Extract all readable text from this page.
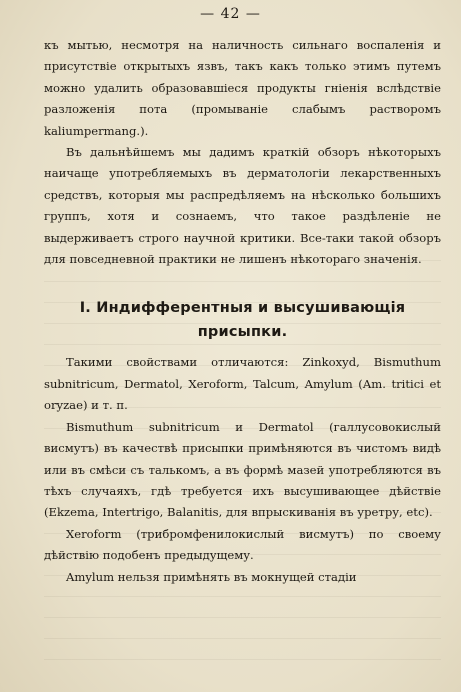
— 42 —

къ мытью, несмотря на наличность сильнаго воспаленія и присутствіе открытыхъ язвъ, такъ какъ только этимъ путемъ можно удалить образовавшіеся продукты гніенія вслѣдствіе разложенія пота (промываніе слабымъ растворомъ kaliumpermang.).

Въ дальнѣйшемъ мы дадимъ краткій обзоръ нѣкоторыхъ наичаще употребляемыхъ въ дерматологіи лекарственныхъ средствъ, которыя мы распредѣляемъ на нѣсколько большихъ группъ, хотя и сознаемъ, что такое раздѣленіе не выдерживаетъ строго научной критики. Все-таки такой обзоръ для повседневной практики не лишенъ нѣкотораго значенія.

I. Индифферентныя и высушивающія присыпки.

Такими свойствами отличаются: Zinkoxyd, Bismuthum subnitricum, Dermatol, Xeroform, Talcum, Amylum (Am. tritici et oryzae) и т. п.

Bismuthum subnitricum и Dermatol (галлусовокислый висмутъ) въ качествѣ присыпки примѣняются въ чистомъ видѣ или въ смѣси съ талькомъ, а въ формѣ мазей употребляются въ тѣхъ случаяхъ, гдѣ требуется ихъ высушивающее дѣйствіе (Ekzema, Intertrigo, Balanitis, для впрыскиванія въ уретру, etc).

Xeroform (трибромфенилокислый висмутъ) по своему дѣйствію подобенъ предыдущему.

Amylum нельзя примѣнять въ мокнущей стадіи
